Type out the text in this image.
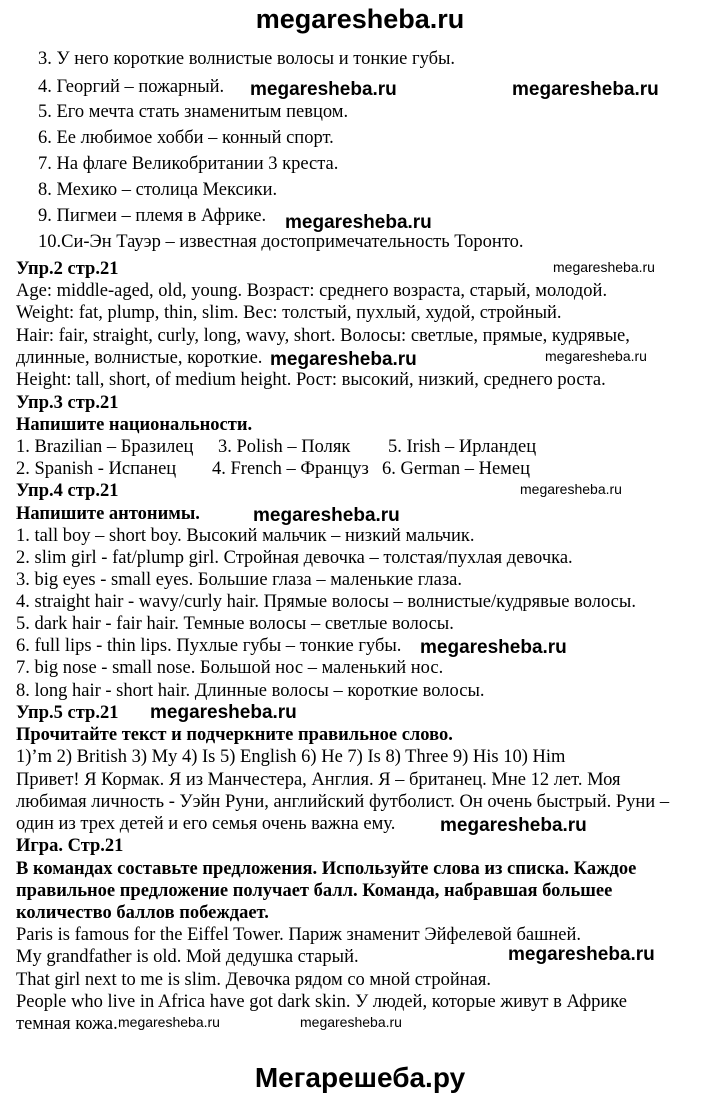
megaresheba.ru
3. У него короткие волнистые волосы и тонкие губы.
4. Георгий – пожарный.
5. Его мечта стать знаменитым певцом.
6. Ее любимое хобби – конный спорт.
7. На флаге Великобритании 3 креста.
8. Мехико – столица Мексики.
9. Пигмеи – племя в Африке.
10.Си-Эн Тауэр – известная достопримечательность Торонто.
Упр.2 стр.21
Age: middle-aged, old, young. Возраст: среднего возраста, старый, молодой.
Weight: fat, plump, thin, slim. Вес: толстый, пухлый, худой, стройный.
Hair: fair, straight, curly, long, wavy, short. Волосы: светлые, прямые, кудрявые,
длинные, волнистые, короткие.
Height: tall, short, of medium height. Рост: высокий, низкий, среднего роста.
Упр.3 стр.21
Напишите национальности.
1. Brazilian – Бразилец 3. Polish – Поляк 5. Irish – Ирландец
2. Spanish - Испанец 4. French – Француз 6. German – Немец
Упр.4 стр.21
Напишите антонимы.
1. tall boy – short boy. Высокий мальчик – низкий мальчик.
2. slim girl - fat/plump girl. Стройная девочка – толстая/пухлая девочка.
3. big eyes - small eyes. Большие глаза – маленькие глаза.
4. straight hair - wavy/curly hair. Прямые волосы – волнистые/кудрявые волосы.
5. dark hair - fair hair. Темные волосы – светлые волосы.
6. full lips - thin lips. Пухлые губы – тонкие губы.
7. big nose - small nose. Большой нос – маленький нос.
8. long hair - short hair. Длинные волосы – короткие волосы.
Упр.5 стр.21
Прочитайте текст и подчеркните правильное слово.
1)’m 2) British 3) My 4) Is 5) English 6) He 7) Is 8) Three 9) His 10) Him
Привет! Я Кормак. Я из Манчестера, Англия. Я – британец. Мне 12 лет. Моя
любимая личность - Уэйн Руни, английский футболист. Он очень быстрый. Руни –
один из трех детей и его семья очень важна ему.
Игра. Стр.21
В командах составьте предложения. Используйте слова из списка. Каждое
правильное предложение получает балл. Команда, набравшая большее
количество баллов побеждает.
Paris is famous for the Eiffel Tower. Париж знаменит Эйфелевой башней.
My grandfather is old. Мой дедушка старый.
That girl next to me is slim. Девочка рядом со мной стройная.
People who live in Africa have got dark skin. У людей, которые живут в Африке
темная кожа.
megaresheba.ru	megaresheba.ru
megaresheba.ru
megaresheba.ru
megaresheba.ru	megaresheba.ru
megaresheba.ru
megaresheba.ru
megaresheba.ru
megaresheba.ru
megaresheba.ru
megaresheba.ru
megaresheba.ru	megaresheba.ru
Мегарешеба.ру
